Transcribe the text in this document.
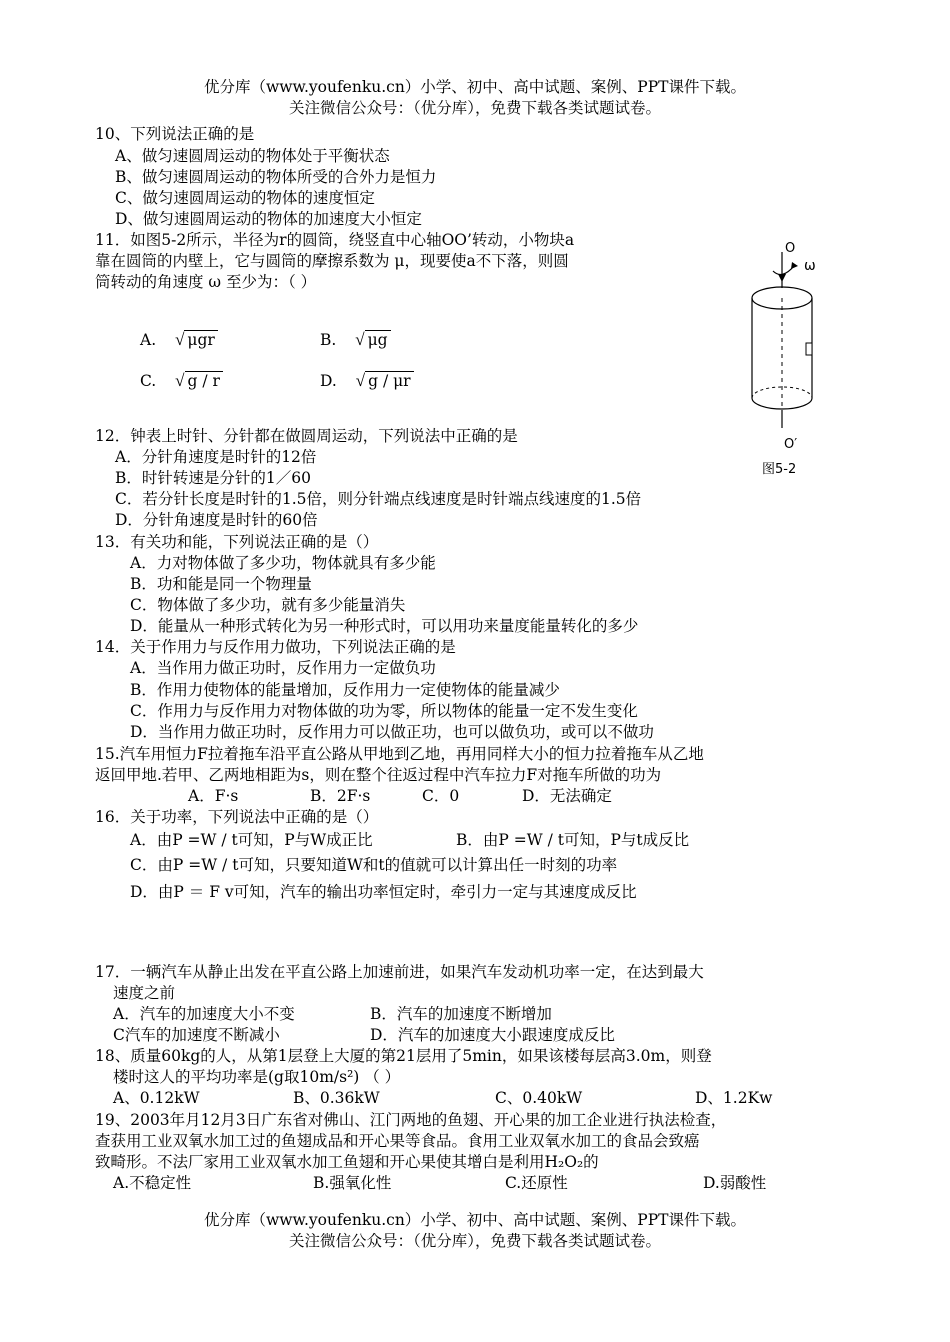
优分库（www.youfenku.cn）小学、初中、高中试题、案例、PPT课件下载。
关注微信公众号：（优分库），免费下载各类试题试卷。
10、下列说法正确的是
A、做匀速圆周运动的物体处于平衡状态
B、做匀速圆周运动的物体所受的合外力是恒力
C、做匀速圆周运动的物体的速度恒定
D、做匀速圆周运动的物体的加速度大小恒定
11．如图5-2所示，半径为r的圆筒，绕竖直中心轴OO’转动，小物块a
靠在圆筒的内壁上，它与圆筒的摩擦系数为 μ，现要使a不下落，则圆
筒转动的角速度 ω 至少为：（ ）
A. √ μgr	B. √ μg
C. √ g / r	D. √ g / μr
O
ω
O′
图5-2
12．钟表上时针、分针都在做圆周运动，下列说法中正确的是
A．分针角速度是时针的12倍
B．时针转速是分针的1／60
C．若分针长度是时针的1.5倍，则分针端点线速度是时针端点线速度的1.5倍
D．分针角速度是时针的60倍
13．有关功和能，下列说法正确的是（）
A．力对物体做了多少功，物体就具有多少能
B．功和能是同一个物理量
C．物体做了多少功，就有多少能量消失
D．能量从一种形式转化为另一种形式时，可以用功来量度能量转化的多少
14．关于作用力与反作用力做功，下列说法正确的是
A．当作用力做正功时，反作用力一定做负功
B．作用力使物体的能量增加，反作用力一定使物体的能量减少
C．作用力与反作用力对物体做的功为零，所以物体的能量一定不发生变化
D．当作用力做正功时，反作用力可以做正功，也可以做负功，或可以不做功
15.汽车用恒力F拉着拖车沿平直公路从甲地到乙地，再用同样大小的恒力拉着拖车从乙地
返回甲地.若甲、乙两地相距为s，则在整个往返过程中汽车拉力F对拖车所做的功为
A．F·s	B．2F·s	C．0	D．无法确定
16．关于功率，下列说法中正确的是（）
A．由P =W / t可知，P与W成正比	B．由P =W / t可知，P与t成反比
C．由P =W / t可知，只要知道W和t的值就可以计算出任一时刻的功率
D．由P ＝ F v可知，汽车的输出功率恒定时，牵引力一定与其速度成反比
17．一辆汽车从静止出发在平直公路上加速前进，如果汽车发动机功率一定，在达到最大
速度之前
A．汽车的加速度大小不变	B．汽车的加速度不断增加
C汽车的加速度不断减小	D．汽车的加速度大小跟速度成反比
18、质量60kg的人，从第1层登上大厦的第21层用了5min，如果该楼每层高3.0m，则登
楼时这人的平均功率是(g取10m/s²) （ ）
A、0.12kW	B、0.36kW	C、0.40kW	D、1.2Kw
19、2003年月12月3日广东省对佛山、江门两地的鱼翅、开心果的加工企业进行执法检查，
查获用工业双氧水加工过的鱼翅成品和开心果等食品。食用工业双氧水加工的食品会致癌
致畸形。不法厂家用工业双氧水加工鱼翅和开心果使其增白是利用H₂O₂的
A.不稳定性	B.强氧化性	C.还原性	D.弱酸性
优分库（www.youfenku.cn）小学、初中、高中试题、案例、PPT课件下载。
关注微信公众号：（优分库），免费下载各类试题试卷。
